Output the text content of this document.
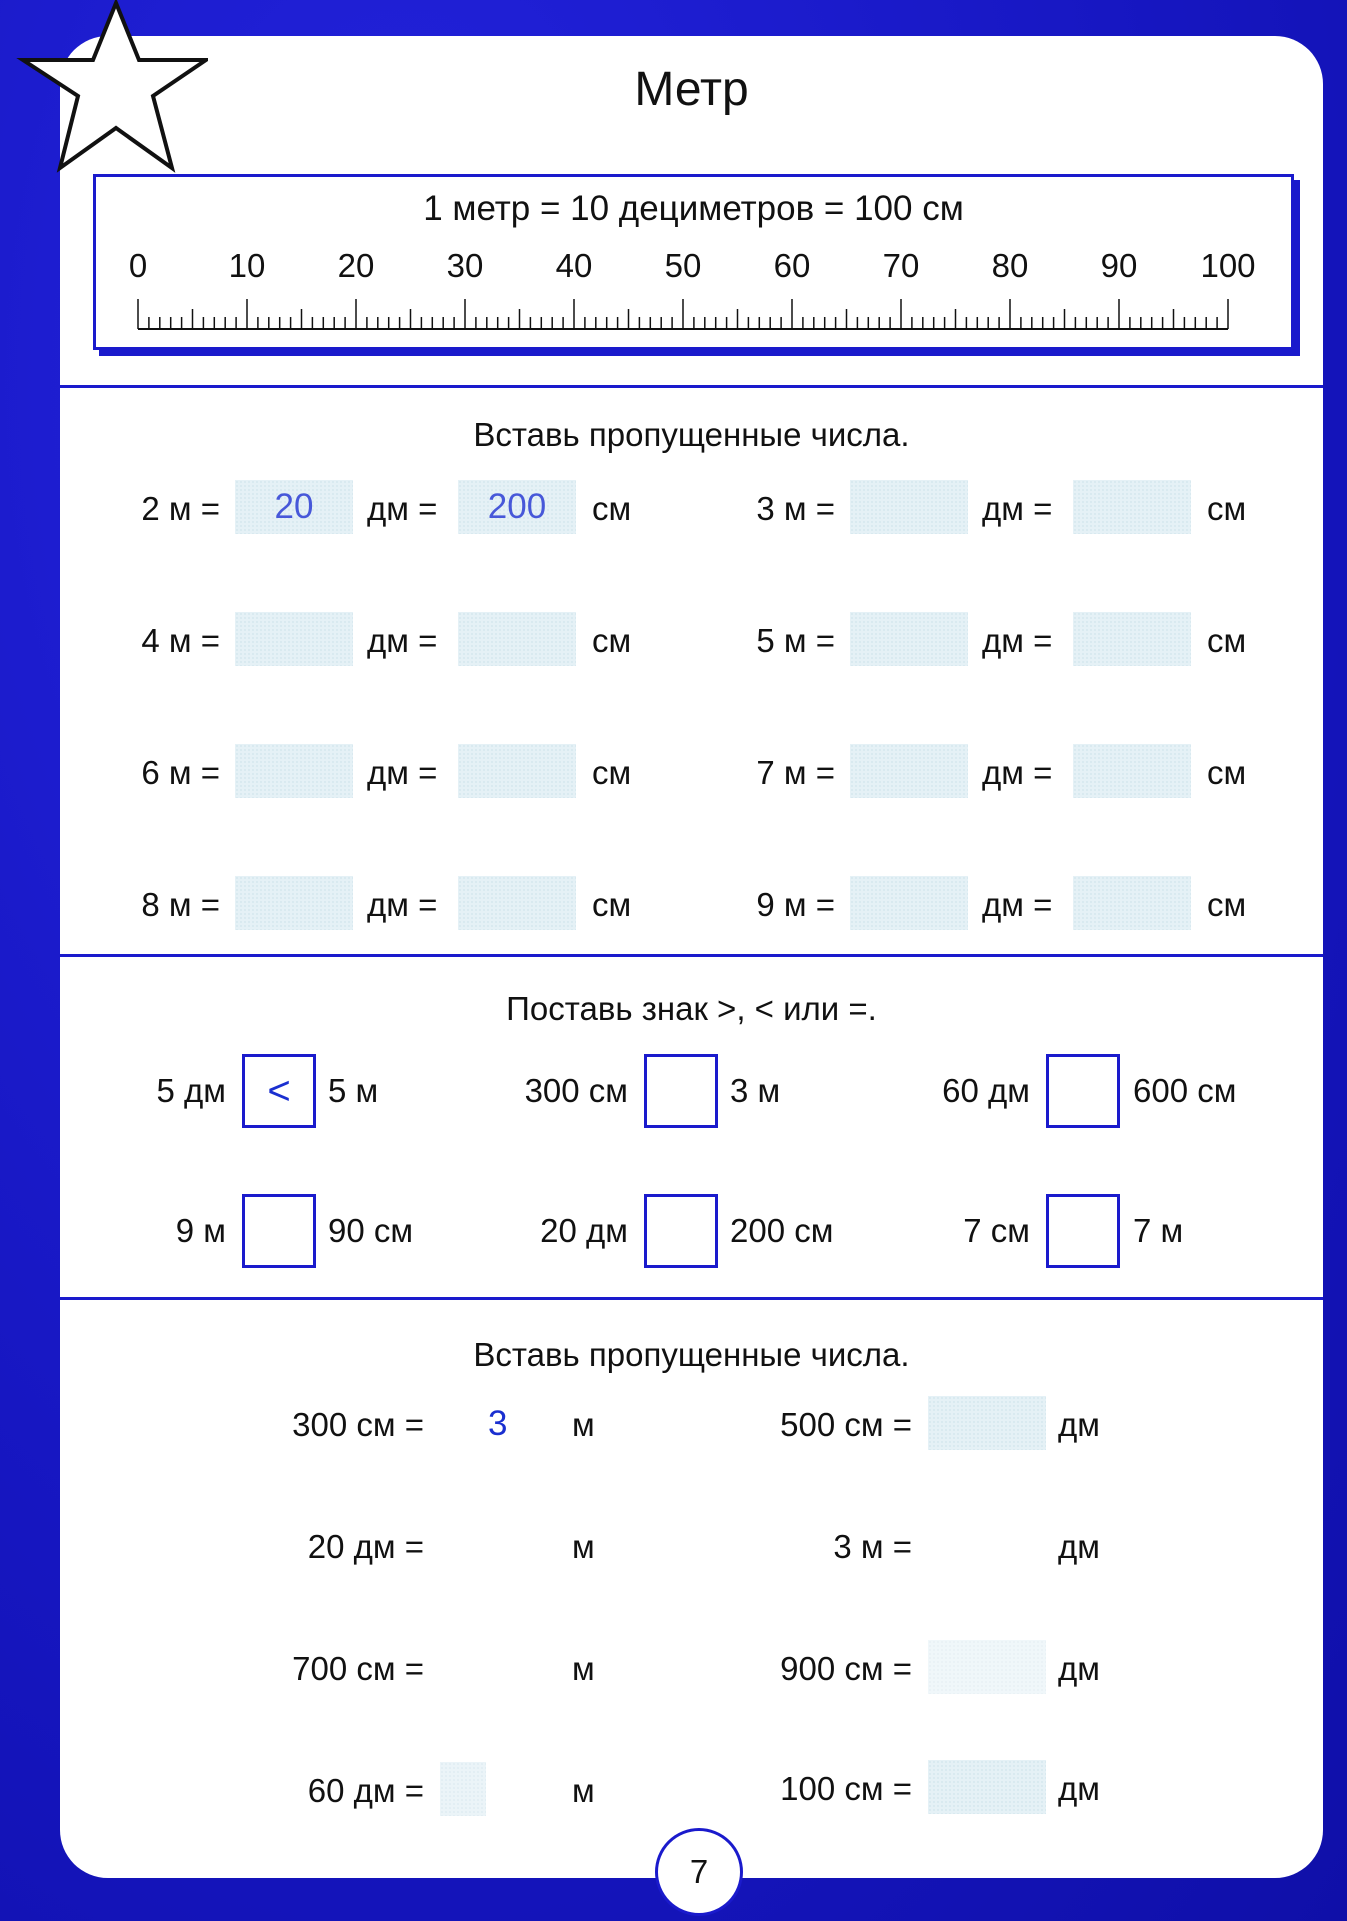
Метр
1 метр = 10 дециметров = 100 см
0 10 20 30 40 50 60 70 80 90 100
Вставь пропущенные числа.
2 м = 20 дм = 200 см	3 м =	дм =	см
4 м =	дм =	см	5 м =	дм =	см
6 м =	дм =	см	7 м =	дм =	см
8 м =	дм =	см	9 м =	дм =	см
Поставь знак >, < или =.
5 дм < 5 м	300 см	3 м	60 дм	600 см
9 м	90 см	20 дм	200 см	7 см	7 м
Вставь пропущенные числа.
300 см = 3 м	500 см =	дм
20 дм =	м	3 м =	дм
700 см =	м	900 см =	дм
60 дм =	м	100 см =	дм
7
